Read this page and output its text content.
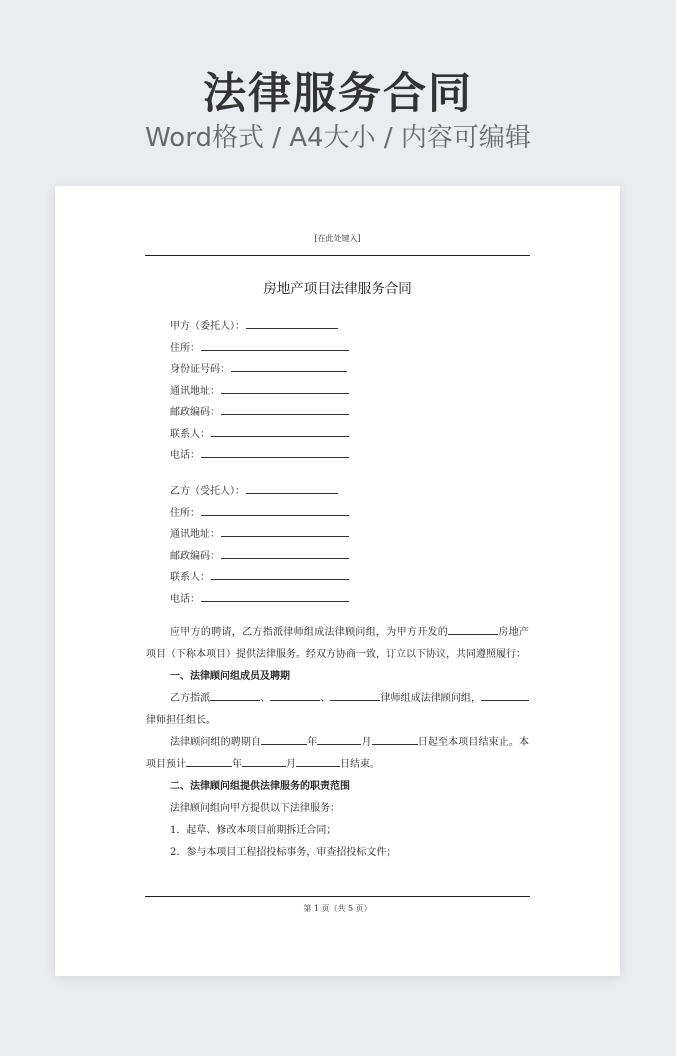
法律服务合同
Word格式 / A4大小 / 内容可编辑
[在此处键入]
房地产项目法律服务合同
甲方（委托人）：
住所：
身份证号码：
通讯地址：
邮政编码：
联系人：
电话：
乙方（受托人）：
住所：
通讯地址：
邮政编码：
联系人：
电话：

应甲方的聘请，乙方指派律师组成法律顾问组，为甲方开发的	房地产项目（下称本项目）提供法律服务。经双方协商一致，订立以下协议，共同遵照履行：

一、法律顾问组成员及聘期

乙方指派	、	、	律师组成法律顾问组，律师担任组长。

法律顾问组的聘期自	年	月	日起至本项目结束止。本项目预计	年	月	日结束。

二、法律顾问组提供法律服务的职责范围

法律顾问组向甲方提供以下法律服务：

1．起草、修改本项目前期拆迁合同；

2．参与本项目工程招投标事务，审查招投标文件；

第 1 页（共 5 页）
